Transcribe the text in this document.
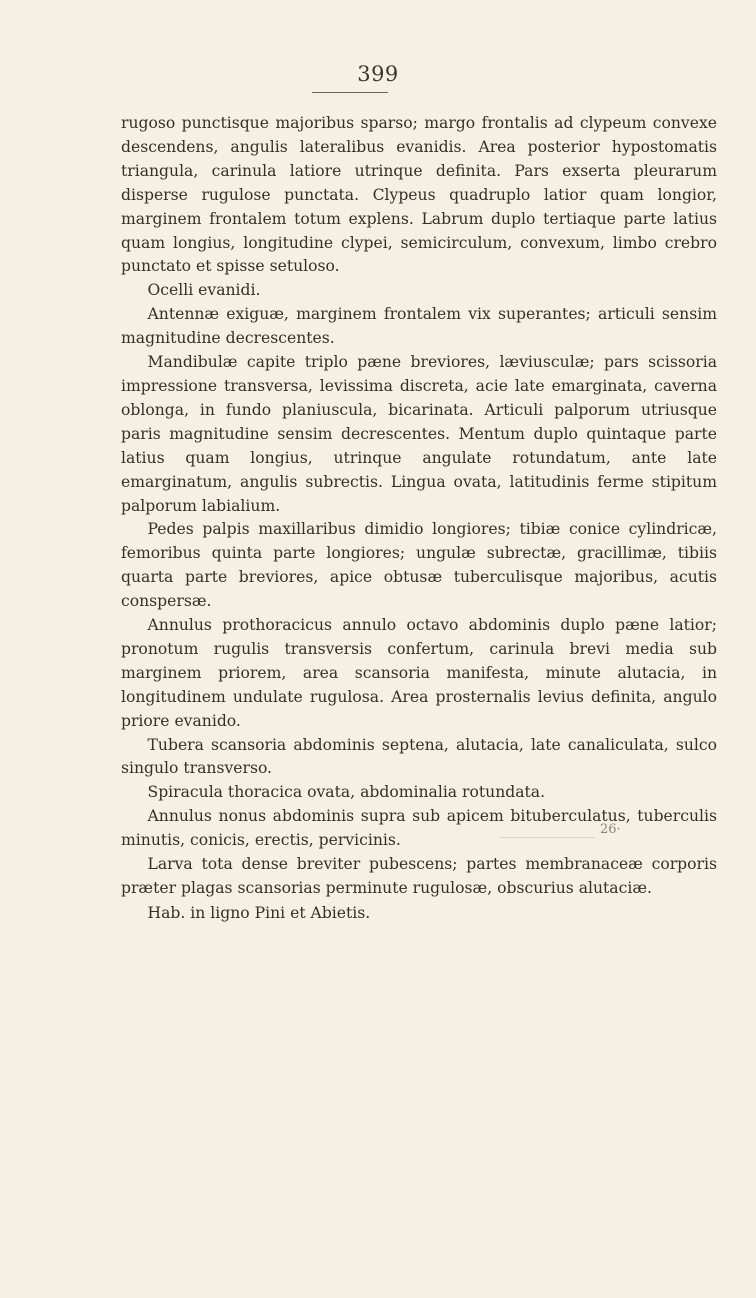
399

rugoso punctisque majoribus sparso; margo frontalis ad clypeum convexe descendens, angulis lateralibus evanidis. Area posterior hypostomatis triangula, carinula latiore utrinque definita. Pars exserta pleurarum disperse rugulose punctata. Clypeus quadruplo latior quam longior, marginem frontalem totum explens. Labrum duplo tertiaque parte latius quam longius, longitudine clypei, semicirculum, convexum, limbo crebro punctato et spisse setuloso.

Ocelli evanidi.

Antennæ exiguæ, marginem frontalem vix superantes; articuli sensim magnitudine decrescentes.

Mandibulæ capite triplo pæne breviores, læviusculæ; pars scissoria impressione transversa, levissima discreta, acie late emarginata, caverna oblonga, in fundo planiuscula, bicarinata. Articuli palporum utriusque paris magnitudine sensim decrescentes. Mentum duplo quintaque parte latius quam longius, utrinque angulate rotundatum, ante late emarginatum, angulis subrectis. Lingua ovata, latitudinis ferme stipitum palporum labialium.

Pedes palpis maxillaribus dimidio longiores; tibiæ conice cylindricæ, femoribus quinta parte longiores; ungulæ subrectæ, gracillimæ, tibiis quarta parte breviores, apice obtusæ tuberculisque majoribus, acutis conspersæ.

Annulus prothoracicus annulo octavo abdominis duplo pæne latior; pronotum rugulis transversis confertum, carinula brevi media sub marginem priorem, area scansoria manifesta, minute alutacia, in longitudinem undulate rugulosa. Area prosternalis levius definita, angulo priore evanido.

Tubera scansoria abdominis septena, alutacia, late canaliculata, sulco singulo transverso.

Spiracula thoracica ovata, abdominalia rotundata.

Annulus nonus abdominis supra sub apicem bituberculatus, tuberculis minutis, conicis, erectis, pervicinis.

Larva tota dense breviter pubescens; partes membranaceæ corporis præter plagas scansorias perminute rugulosæ, obscurius alutaciæ.

Hab. in ligno Pini et Abietis.

26·
